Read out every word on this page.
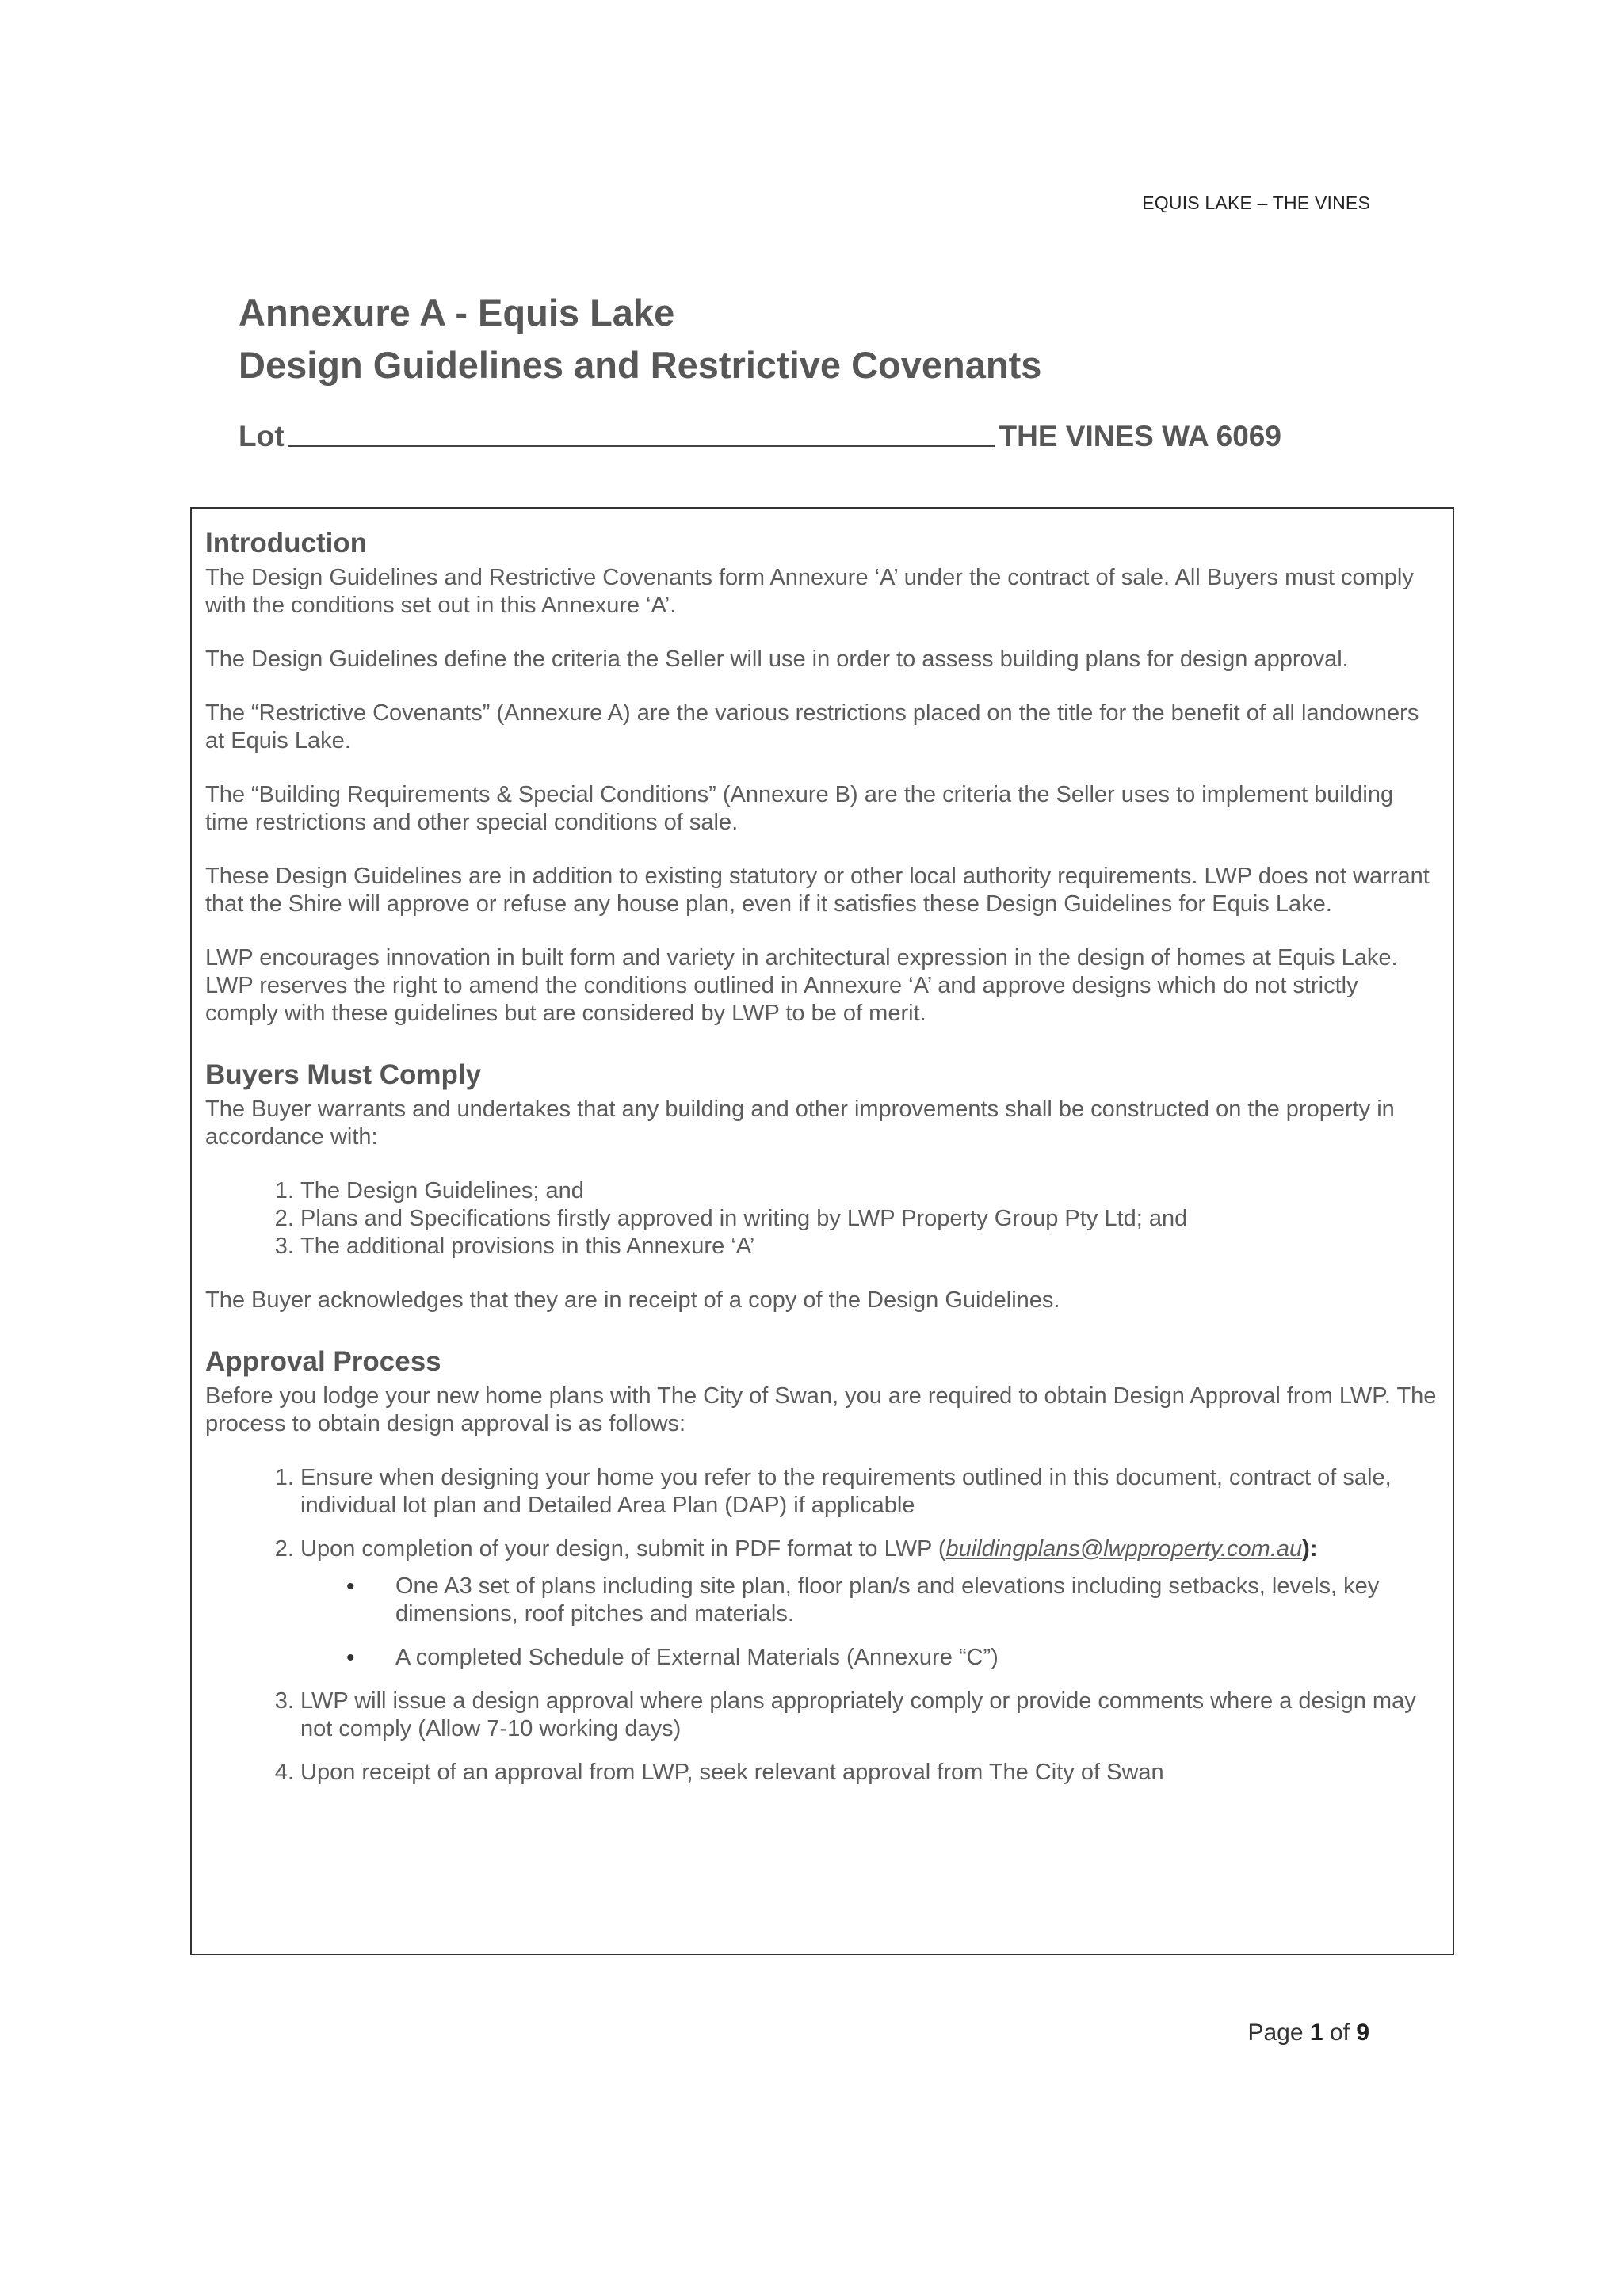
EQUIS LAKE – THE VINES
Annexure A - Equis Lake
Design Guidelines and Restrictive Covenants
Lot	THE VINES WA 6069
Introduction

The Design Guidelines and Restrictive Covenants form Annexure ‘A’ under the contract of sale. All Buyers must comply with the conditions set out in this Annexure ‘A’.

The Design Guidelines define the criteria the Seller will use in order to assess building plans for design approval.

The “Restrictive Covenants” (Annexure A) are the various restrictions placed on the title for the benefit of all landowners at Equis Lake.

The “Building Requirements & Special Conditions” (Annexure B) are the criteria the Seller uses to implement building time restrictions and other special conditions of sale.

These Design Guidelines are in addition to existing statutory or other local authority requirements. LWP does not warrant that the Shire will approve or refuse any house plan, even if it satisfies these Design Guidelines for Equis Lake.

LWP encourages innovation in built form and variety in architectural expression in the design of homes at Equis Lake. LWP reserves the right to amend the conditions outlined in Annexure ‘A’ and approve designs which do not strictly comply with these guidelines but are considered by LWP to be of merit.

Buyers Must Comply

The Buyer warrants and undertakes that any building and other improvements shall be constructed on the property in accordance with:

1. The Design Guidelines; and
2. Plans and Specifications firstly approved in writing by LWP Property Group Pty Ltd; and
3. The additional provisions in this Annexure ‘A’

The Buyer acknowledges that they are in receipt of a copy of the Design Guidelines.

Approval Process

Before you lodge your new home plans with The City of Swan, you are required to obtain Design Approval from LWP. The process to obtain design approval is as follows:

1. Ensure when designing your home you refer to the requirements outlined in this document, contract of sale, individual lot plan and Detailed Area Plan (DAP) if applicable
2. Upon completion of your design, submit in PDF format to LWP (buildingplans@lwpproperty.com.au):
• One A3 set of plans including site plan, floor plan/s and elevations including setbacks, levels, key dimensions, roof pitches and materials.
• A completed Schedule of External Materials (Annexure “C”)
3. LWP will issue a design approval where plans appropriately comply or provide comments where a design may not comply (Allow 7-10 working days)
4. Upon receipt of an approval from LWP, seek relevant approval from The City of Swan
Page 1 of 9
